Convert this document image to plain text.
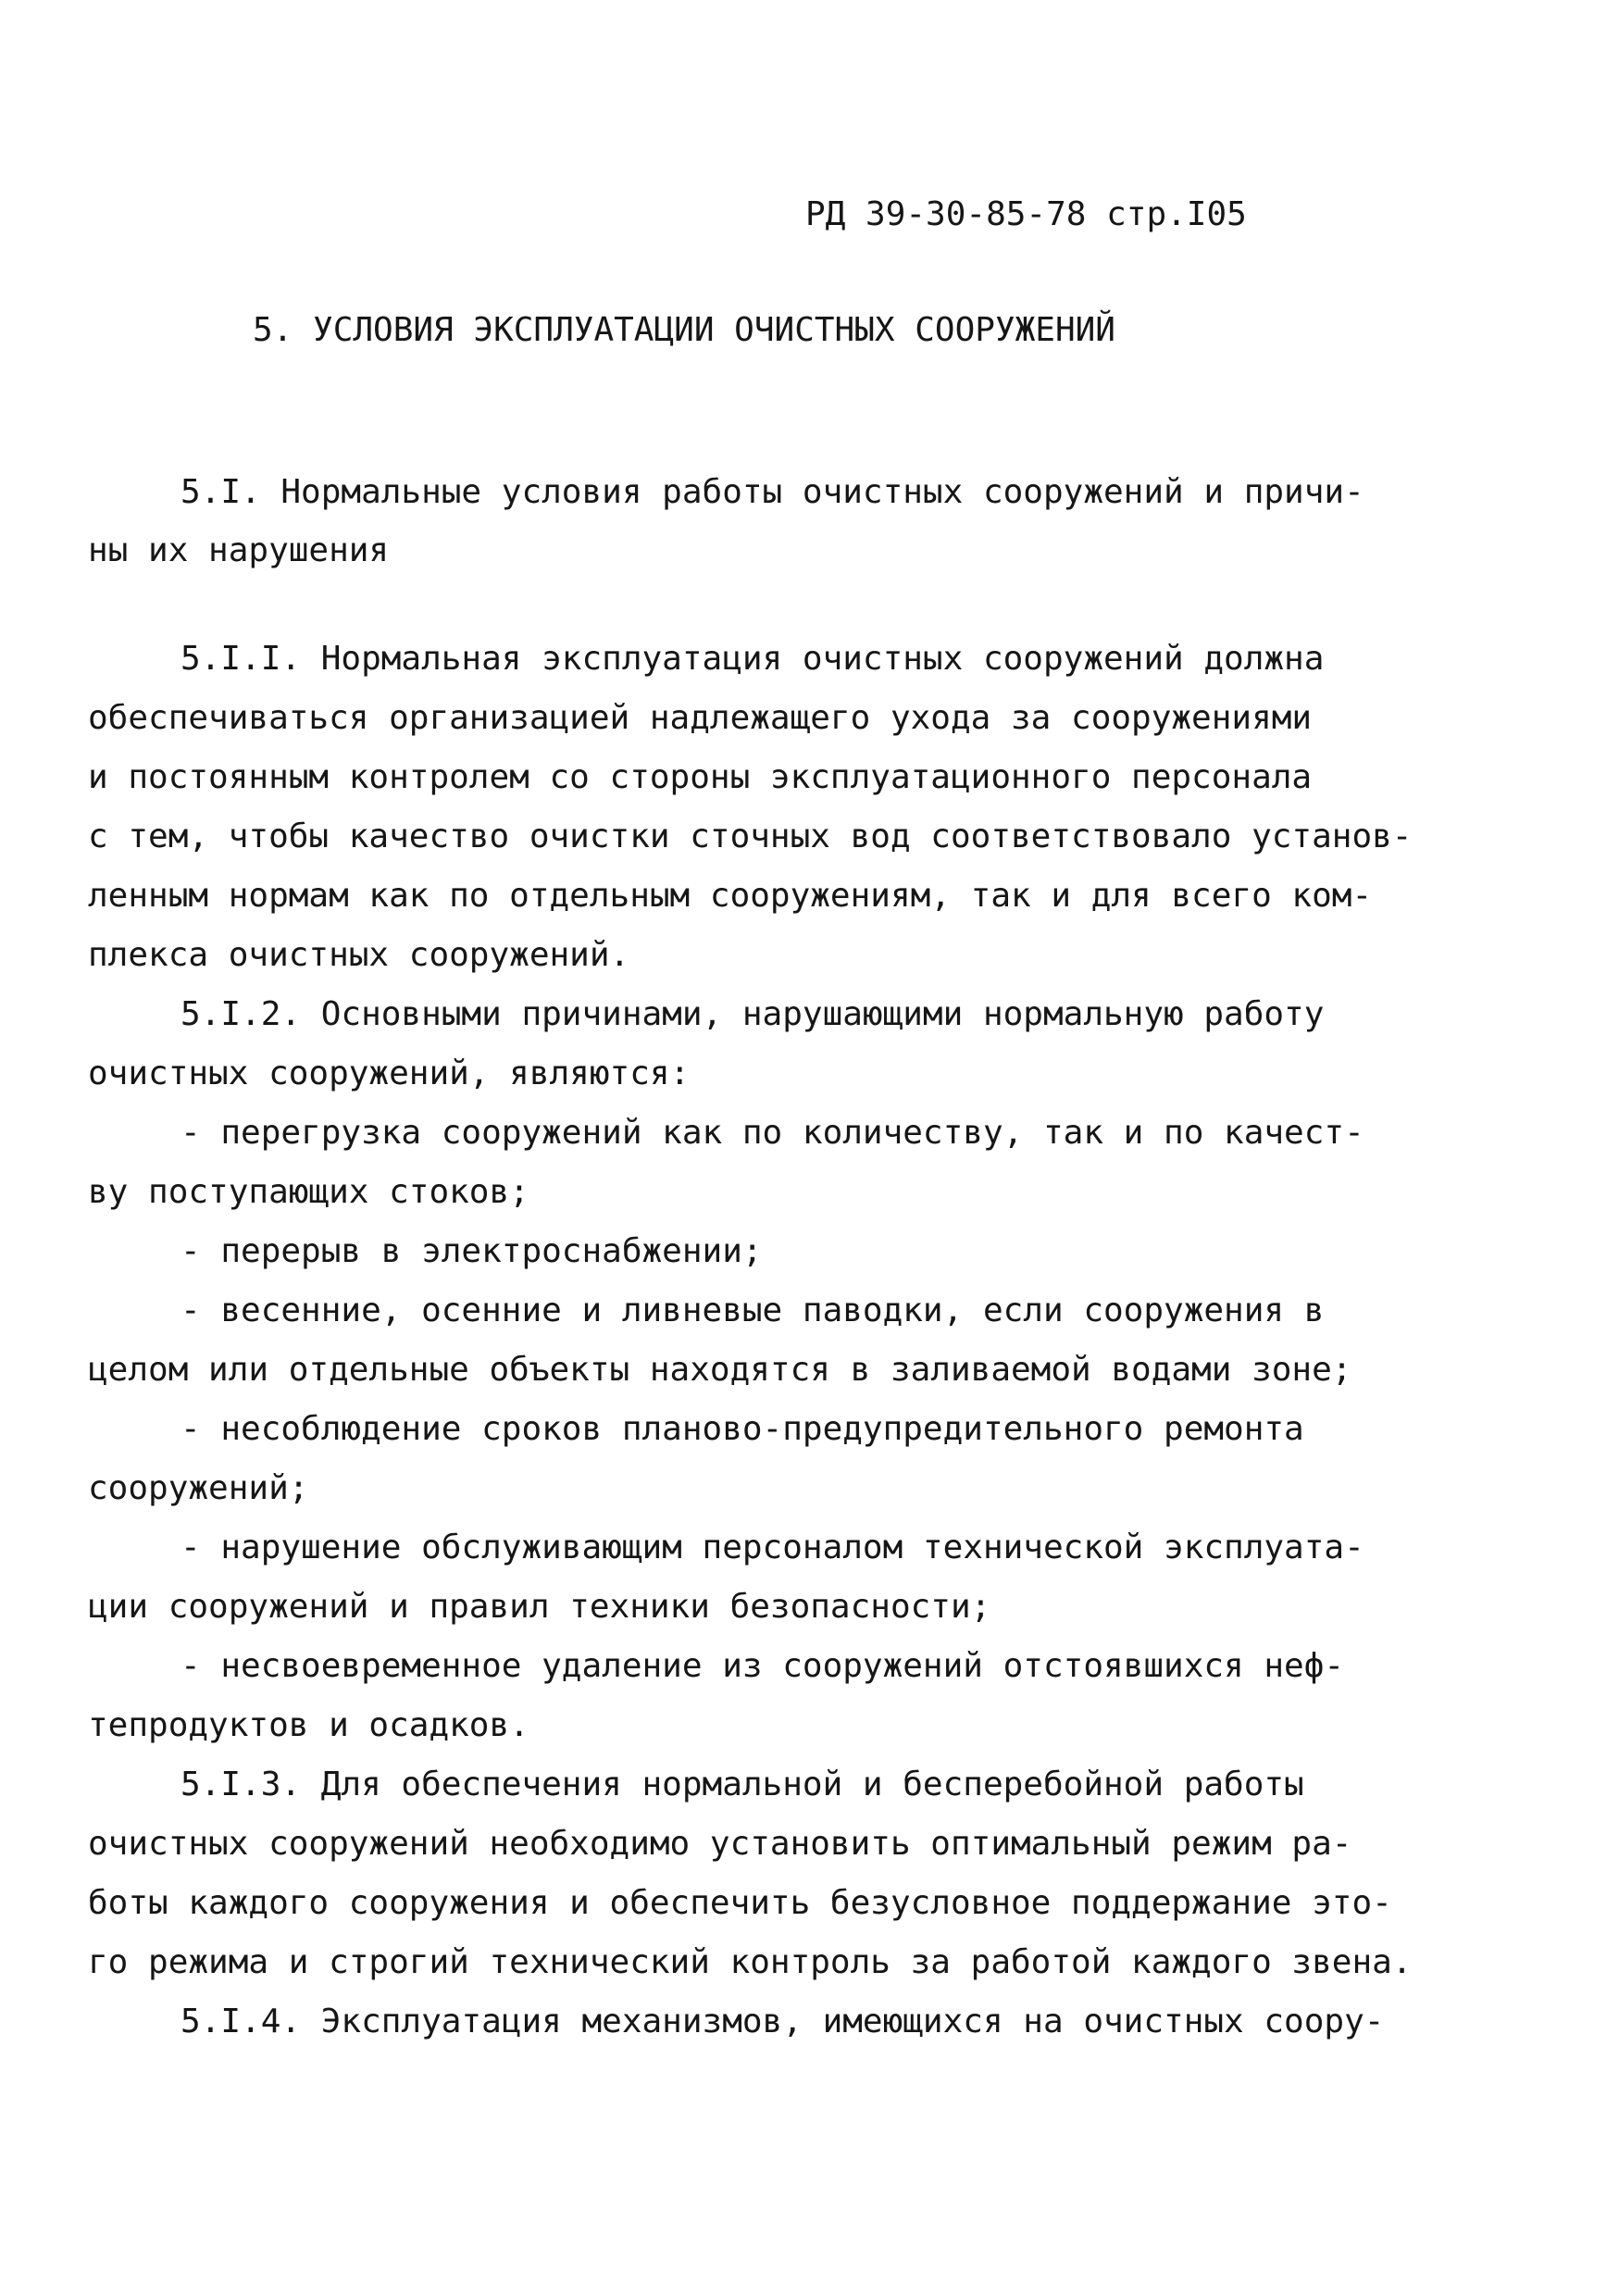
РД 39-30-85-78 стр.I05
5. УСЛОВИЯ ЭКСПЛУАТАЦИИ ОЧИСТНЫХ СООРУЖЕНИЙ
5.I. Нормальные условия работы очистных сооружений и причи-
ны их нарушения
5.I.I. Нормальная эксплуатация очистных сооружений должна
обеспечиваться организацией надлежащего ухода за сооружениями
и постоянным контролем со стороны эксплуатационного персонала
с тем, чтобы качество очистки сточных вод соответствовало установ-
ленным нормам как по отдельным сооружениям, так и для всего ком-
плекса очистных сооружений.
5.I.2. Основными причинами, нарушающими нормальную работу
очистных сооружений, являются:
- перегрузка сооружений как по количеству, так и по качест-
ву поступающих стоков;
- перерыв в электроснабжении;
- весенние, осенние и ливневые паводки, если сооружения в
целом или отдельные объекты находятся в заливаемой водами зоне;
- несоблюдение сроков планово-предупредительного ремонта
сооружений;
- нарушение обслуживающим персоналом технической эксплуата-
ции сооружений и правил техники безопасности;
- несвоевременное удаление из сооружений отстоявшихся неф-
тепродуктов и осадков.
5.I.3. Для обеспечения нормальной и бесперебойной работы
очистных сооружений необходимо установить оптимальный режим ра-
боты каждого сооружения и обеспечить безусловное поддержание это-
го режима и строгий технический контроль за работой каждого звена.
5.I.4. Эксплуатация механизмов, имеющихся на очистных соору-
